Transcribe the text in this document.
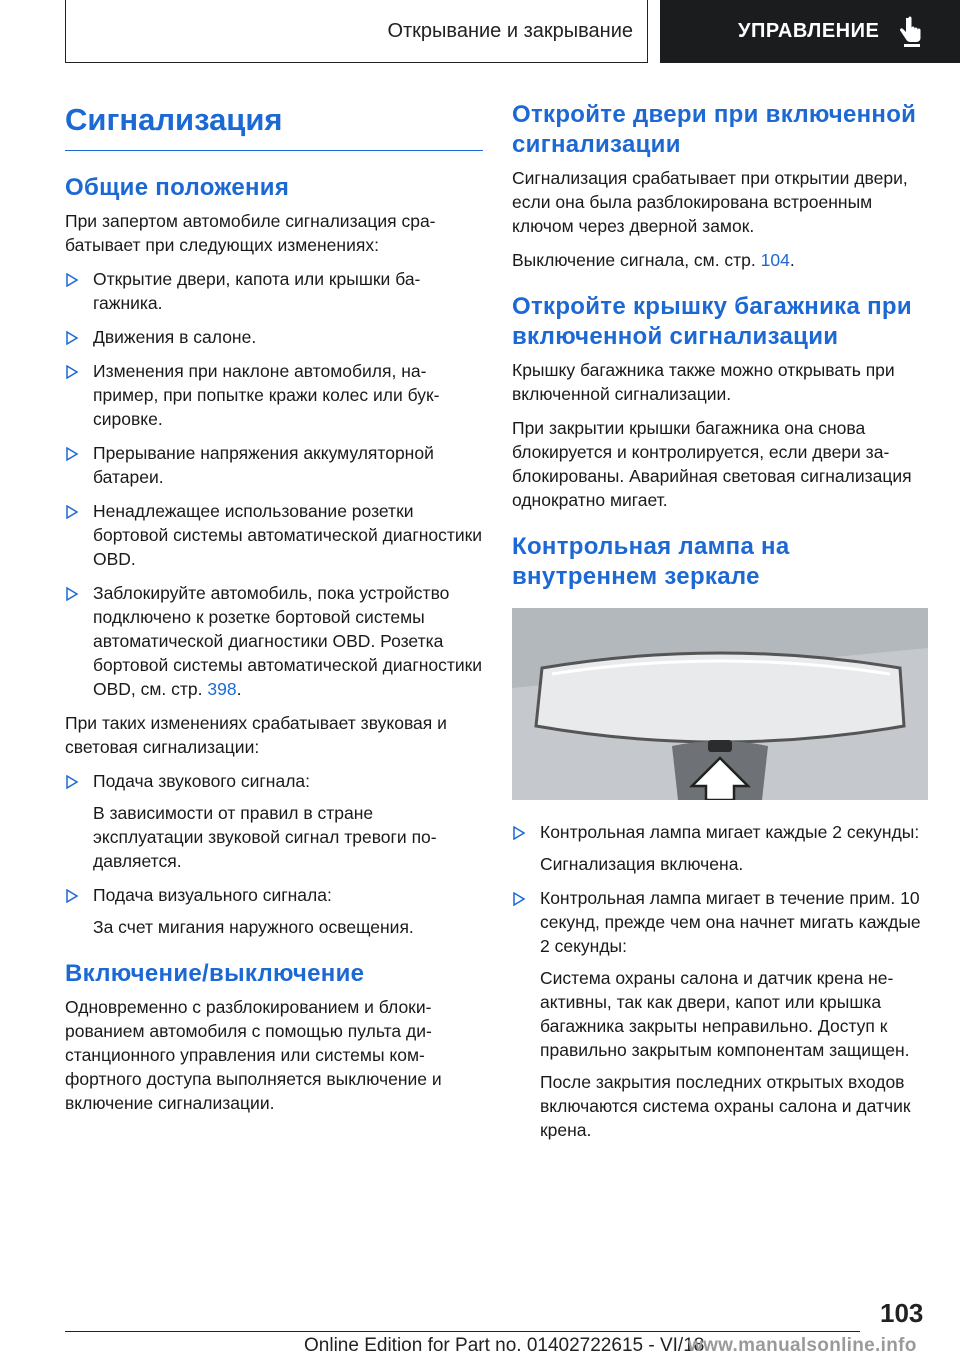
Открывание и закрывание	УПРАВЛЕНИЕ
Сигнализация
Общие положения

При запертом автомобиле сигнализация срабатывает при следующих изменениях:

Открытие двери, капота или крышки багажника.
Движения в салоне.
Изменения при наклоне автомобиля, например, при попытке кражи колес или буксировке.
Прерывание напряжения аккумуляторной батареи.
Ненадлежащее использование розетки бортовой системы автоматической диагностики OBD.
Заблокируйте автомобиль, пока устройство подключено к розетке бортовой системы автоматической диагностики OBD. Розетка бортовой системы автоматической диагностики OBD, см. стр. 398.

При таких изменениях срабатывает звуковая и световая сигнализации:

Подача звукового сигнала:
В зависимости от правил в стране эксплуатации звуковой сигнал тревоги подавляется.
Подача визуального сигнала:
За счет мигания наружного освещения.
Включение/выключение

Одновременно с разблокированием и блокированием автомобиля с помощью пульта дистанционного управления или системы комфортного доступа выполняется выключение и включение сигнализации.

Откройте двери при включенной сигнализации

Сигнализация срабатывает при открытии двери, если она была разблокирована встроенным ключом через дверной замок.

Выключение сигнала, см. стр. 104.

Откройте крышку багажника при включенной сигнализации

Крышку багажника также можно открывать при включенной сигнализации.

При закрытии крышки багажника она снова блокируется и контролируется, если двери заблокированы. Аварийная световая сигнализация однократно мигает.

Контрольная лампа на внутреннем зеркале
Контрольная лампа мигает каждые 2 секунды:
Сигнализация включена.
Контрольная лампа мигает в течение прим. 10 секунд, прежде чем она начнет мигать каждые 2 секунды:
Система охраны салона и датчик крена неактивны, так как двери, капот или крышка багажника закрыты неправильно. Доступ к правильно закрытым компонентам защищен.
После закрытия последних открытых входов включаются система охраны салона и датчик крена.
103
Online Edition for Part no. 01402722615 - VI/18
www.manualsonline.info
